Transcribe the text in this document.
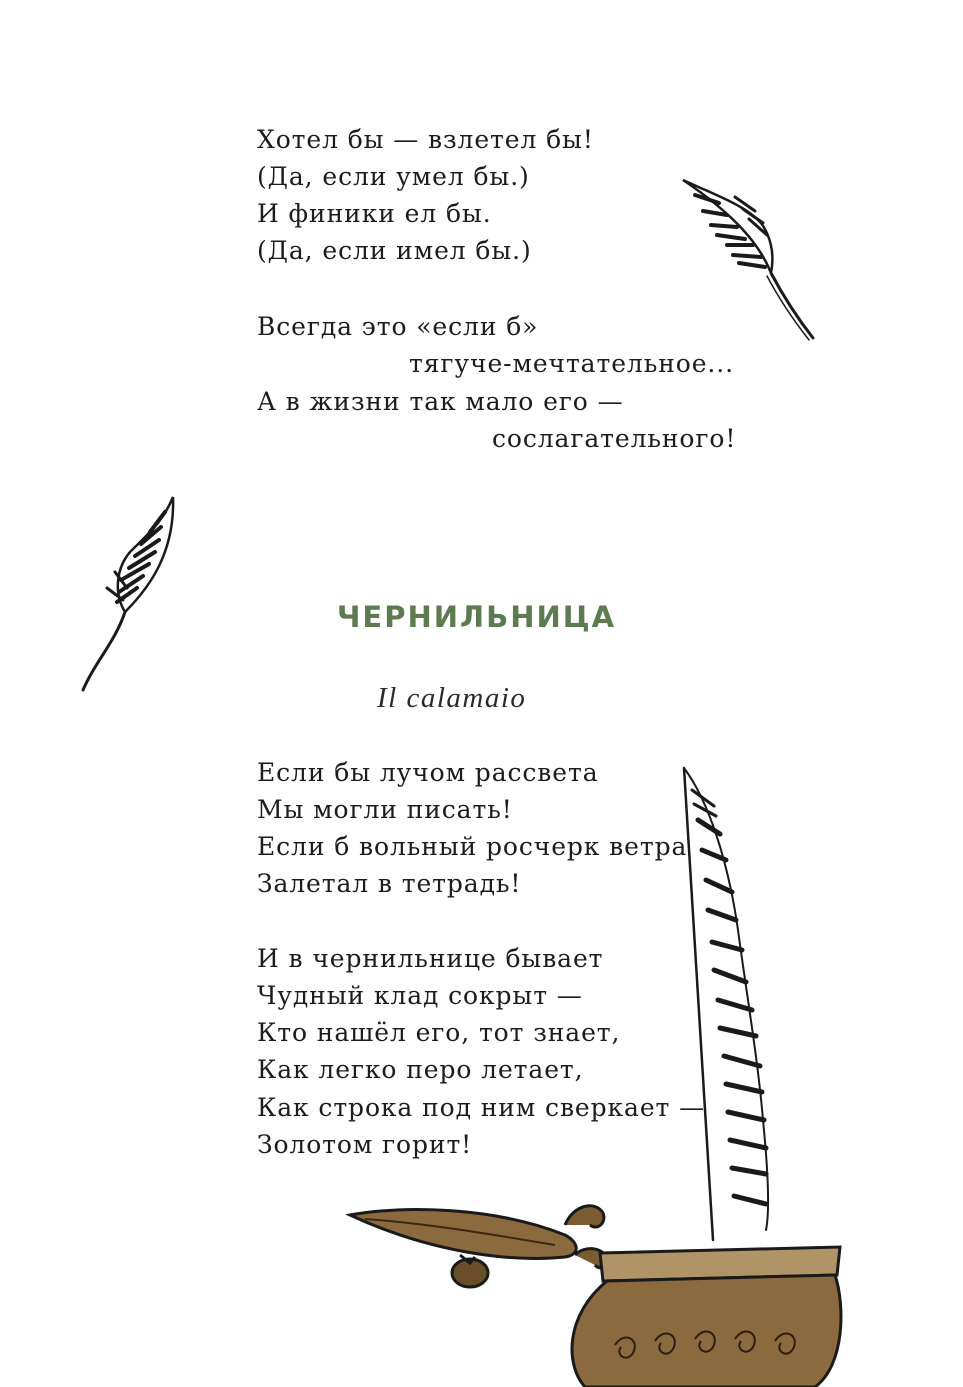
Хотел бы — взлетел бы!
(Да, если умел бы.)
И финики ел бы.
(Да, если имел бы.)
Всегда это «если б»
тягуче-мечтательное...
А в жизни так мало его —
сослагательного!
ЧЕРНИЛЬНИЦА
Il calamaio
Если бы лучом рассвета
Мы могли писать!
Если б вольный росчерк ветра
Залетал в тетрадь!
И в чернильнице бывает
Чудный клад сокрыт —
Кто нашёл его, тот знает,
Как легко перо летает,
Как строка под ним сверкает —
Золотом горит!
